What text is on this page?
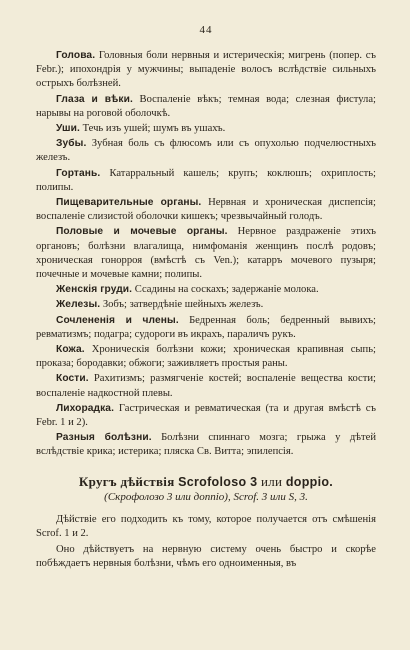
44

Голова. Головныя боли нервныя и истерическія; мигрень (попер. съ Febr.); ипохондрія у мужчины; выпаденіе волосъ вслѣдствіе сильныхъ острыхъ болѣзней.

Глаза и вѣки. Воспаленіе вѣкъ; темная вода; слезная фистула; нарывы на роговой оболочкѣ.

Уши. Течь изъ ушей; шумъ въ ушахъ.

Зубы. Зубная боль съ флюсомъ или съ опухолью подчелюстныхъ железъ.

Гортань. Катарральный кашель; крупъ; коклюшъ; охриплость; полипы.

Пищеварительные органы. Нервная и хроническая диспепсія; воспаленіе слизистой оболочки кишекъ; чрезвычайный голодъ.

Половые и мочевые органы. Нервное раздраженіе этихъ органовъ; болѣзни влагалища, нимфоманія женщинъ послѣ родовъ; хроническая гонорроя (вмѣстѣ съ Ven.); катарръ мочевого пузыря; почечные и мочевые камни; полипы.

Женскія груди. Ссадины на соскахъ; задержаніе молока.

Железы. Зобъ; затвердѣніе шейныхъ железъ.

Сочлененія и члены. Бедренная боль; бедренный вывихъ; ревматизмъ; подагра; судороги въ икрахъ, параличъ рукъ.

Кожа. Хроническія болѣзни кожи; хроническая крапивная сыпь; проказа; бородавки; обжоги; заживляетъ простыя раны.

Кости. Рахитизмъ; размягченіе костей; воспаленіе вещества кости; воспаленіе надкостной плевы.

Лихорадка. Гастрическая и ревматическая (та и другая вмѣстѣ съ Febr. 1 и 2).

Разныя болѣзни. Болѣзни спиннаго мозга; грыжа у дѣтей вслѣдствіе крика; истерика; пляска Св. Витта; эпилепсія.

Кругъ дѣйствія Scrofoloso 3 или doppio.
(Скрофолозо 3 или доппіо), Scrof. 3 или S, 3.

Дѣйствіе его подходить къ тому, которое получается отъ смѣшенія Scrof. 1 и 2.

Оно дѣйствуетъ на нервную систему очень быстро и скорѣе побѣждаетъ нервныя болѣзни, чѣмъ его одноименныя, въ
